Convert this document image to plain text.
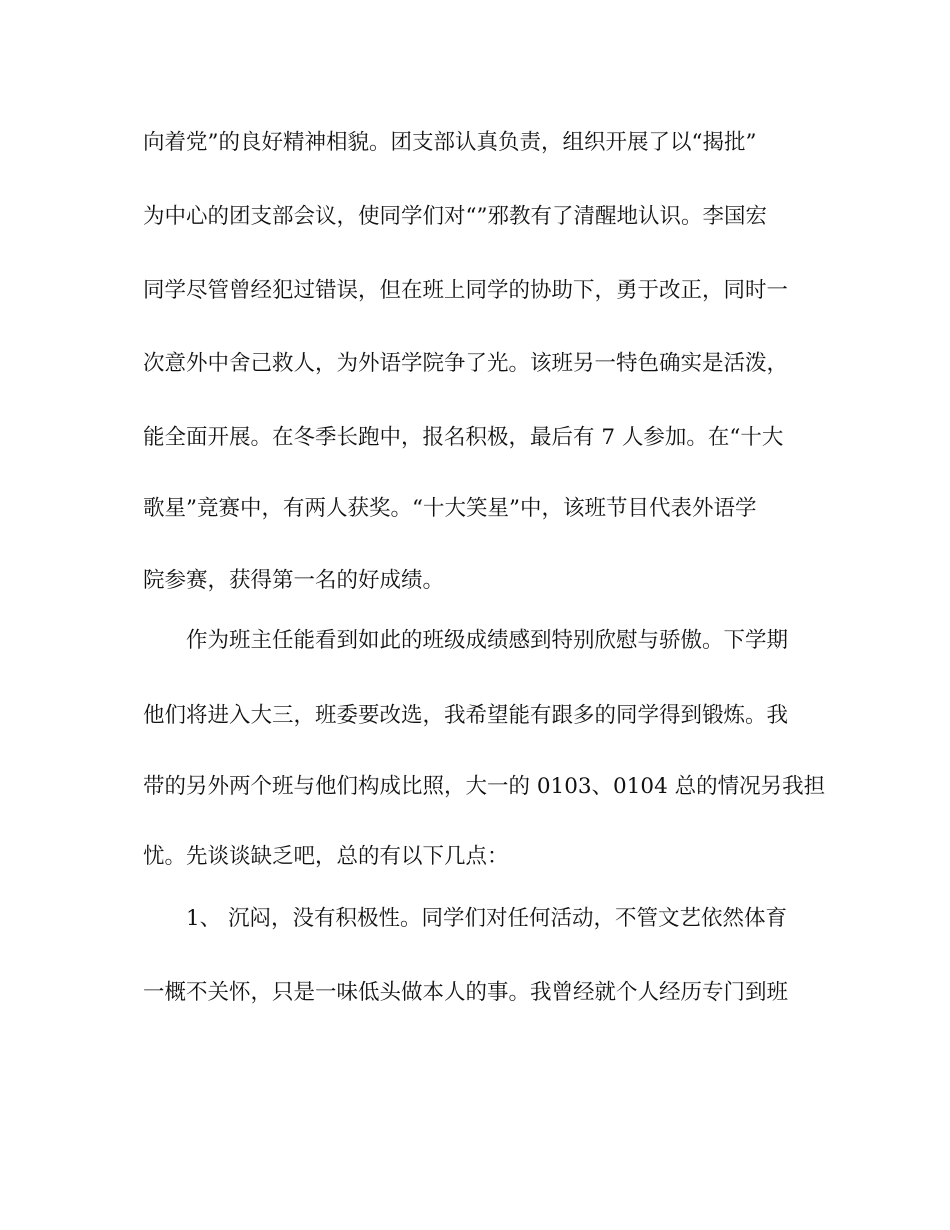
向着党”的良好精神相貌。团支部认真负责，组织开展了以“揭批”

为中心的团支部会议，使同学们对“”邪教有了清醒地认识。李国宏

同学尽管曾经犯过错误，但在班上同学的协助下，勇于改正，同时一

次意外中舍己救人，为外语学院争了光。该班另一特色确实是活泼，

能全面开展。在冬季长跑中，报名积极，最后有 7 人参加。在“十大

歌星”竞赛中，有两人获奖。“十大笑星”中，该班节目代表外语学

院参赛，获得第一名的好成绩。

作为班主任能看到如此的班级成绩感到特别欣慰与骄傲。下学期

他们将进入大三，班委要改选，我希望能有跟多的同学得到锻炼。我

带的另外两个班与他们构成比照，大一的 0103、0104 总的情况另我担

忧。先谈谈缺乏吧，总的有以下几点：

1、 沉闷，没有积极性。同学们对任何活动，不管文艺依然体育

一概不关怀，只是一味低头做本人的事。我曾经就个人经历专门到班
